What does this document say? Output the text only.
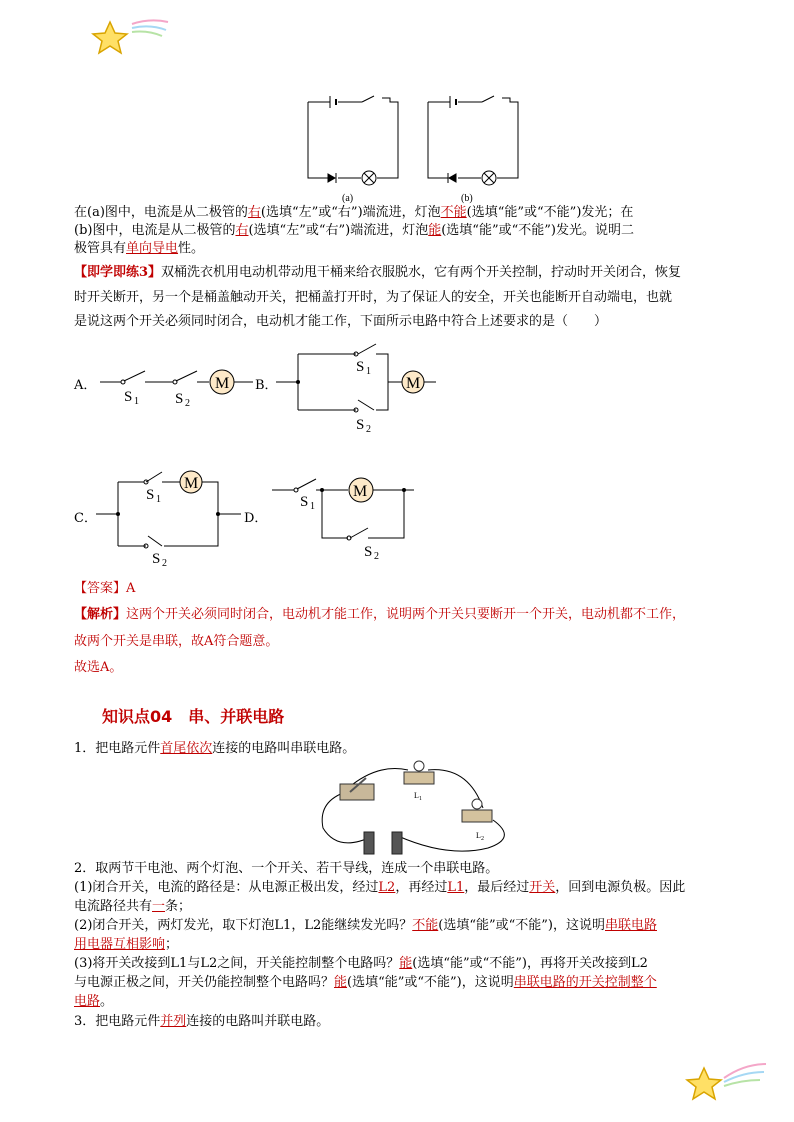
(a)	(b)
在(a)图中，电流是从二极管的右(选填“左”或“右”)端流进，灯泡不能(选填“能”或“不能”)发光；在
(b)图中，电流是从二极管的右(选填“左”或“右”)端流进，灯泡能(选填“能”或“不能”)发光。说明二
极管具有单向导电性。
【即学即练3】双桶洗衣机用电动机带动甩干桶来给衣服脱水，它有两个开关控制，拧动时开关闭合，恢复
时开关断开，另一个是桶盖触动开关，把桶盖打开时，为了保证人的安全，开关也能断开自动端电，也就
是说这两个开关必须同时闭合，电动机才能工作，下面所示电路中符合上述要求的是（　　）
A．	M
S 1 S 2
B．	M
S 1
S 2
C．
M
S 1
S 2
D．
M
S 1
S 2
【答案】A
【解析】这两个开关必须同时闭合，电动机才能工作，说明两个开关只要断开一个开关，电动机都不工作，
故两个开关是串联，故A符合题意。
故选A。
知识点04　串、并联电路
1．把电路元件首尾依次连接的电路叫串联电路。
L 1
L 2
2．取两节干电池、两个灯泡、一个开关、若干导线，连成一个串联电路。
(1)闭合开关，电流的路径是：从电源正极出发，经过L2，再经过L1，最后经过开关，回到电源负极。因此
电流路径共有一条；
(2)闭合开关，两灯发光，取下灯泡L1，L2能继续发光吗？不能(选填“能”或“不能”)，这说明串联电路
用电器互相影响；
(3)将开关改接到L1与L2之间，开关能控制整个电路吗？能(选填“能”或“不能”)，再将开关改接到L2
与电源正极之间，开关仍能控制整个电路吗？能(选填“能”或“不能”)，这说明串联电路的开关控制整个
电路。
3．把电路元件并列连接的电路叫并联电路。
